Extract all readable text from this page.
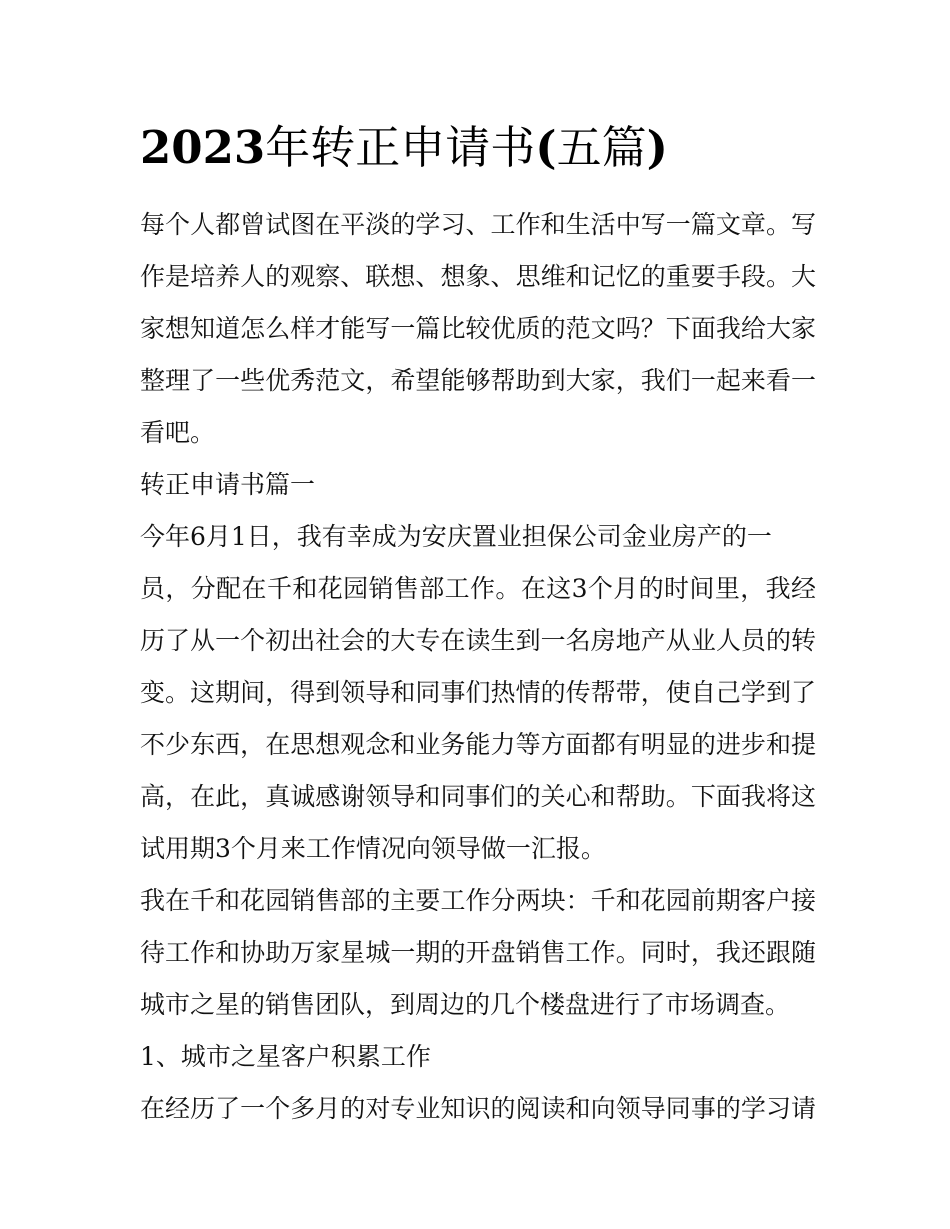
2023年转正申请书(五篇)
每个人都曾试图在平淡的学习、工作和生活中写一篇文章。写
作是培养人的观察、联想、想象、思维和记忆的重要手段。大
家想知道怎么样才能写一篇比较优质的范文吗？下面我给大家
整理了一些优秀范文，希望能够帮助到大家，我们一起来看一
看吧。
转正申请书篇一
今年6月1日，我有幸成为安庆置业担保公司金业房产的一
员，分配在千和花园销售部工作。在这3个月的时间里，我经
历了从一个初出社会的大专在读生到一名房地产从业人员的转
变。这期间，得到领导和同事们热情的传帮带，使自己学到了
不少东西，在思想观念和业务能力等方面都有明显的进步和提
高，在此，真诚感谢领导和同事们的关心和帮助。下面我将这
试用期3个月来工作情况向领导做一汇报。
我在千和花园销售部的主要工作分两块：千和花园前期客户接
待工作和协助万家星城一期的开盘销售工作。同时，我还跟随
城市之星的销售团队，到周边的几个楼盘进行了市场调查。
1、城市之星客户积累工作
在经历了一个多月的对专业知识的阅读和向领导同事的学习请
